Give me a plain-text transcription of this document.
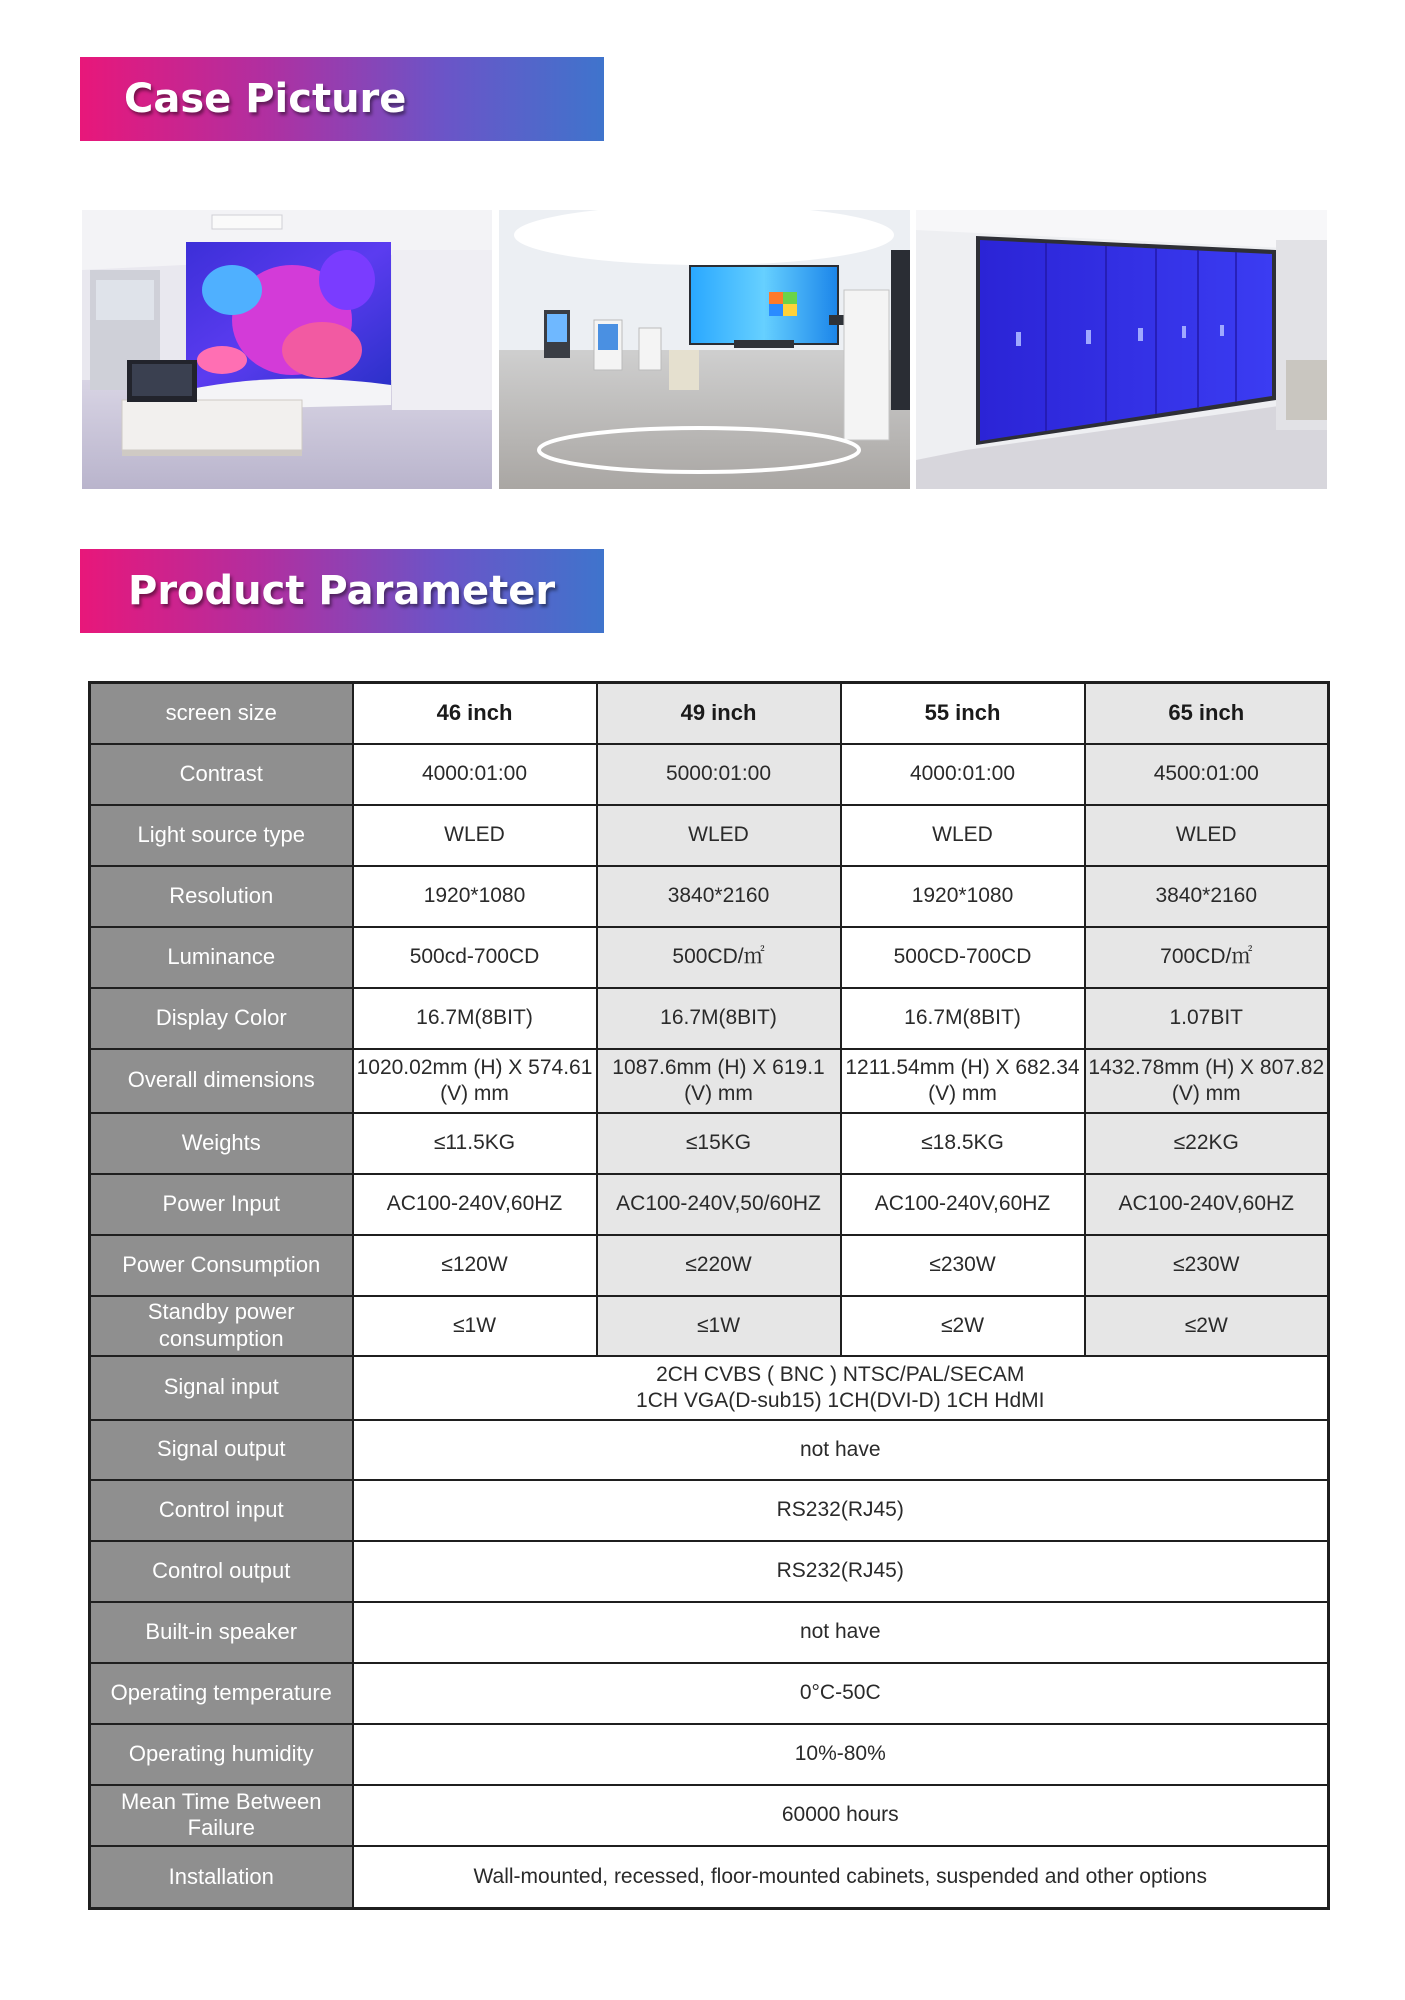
Case Picture
Product Parameter
screen size	46 inch	49 inch	55 inch	65 inch
Contrast	4000:01:00	5000:01:00	4000:01:00	4500:01:00
Light source type	WLED	WLED	WLED	WLED
Resolution	1920*1080	3840*2160	1920*1080	3840*2160
Luminance	500cd-700CD	500CD/㎡	500CD-700CD	700CD/㎡
Display Color	16.7M(8BIT)	16.7M(8BIT)	16.7M(8BIT)	1.07BIT
Overall dimensions	1020.02mm (H) X 574.61 (V) mm	1087.6mm (H) X 619.1 (V) mm	1211.54mm (H) X 682.34 (V) mm	1432.78mm (H) X 807.82 (V) mm
Weights	≤11.5KG	≤15KG	≤18.5KG	≤22KG
Power Input	AC100-240V,60HZ	AC100-240V,50/60HZ	AC100-240V,60HZ	AC100-240V,60HZ
Power Consumption	≤120W	≤220W	≤230W	≤230W
Standby power consumption	≤1W	≤1W	≤2W	≤2W
Signal input	2CH CVBS ( BNC ) NTSC/PAL/SECAM
1CH VGA(D-sub15) 1CH(DVI-D) 1CH HdMI			

Signal output	not have			
Control input	RS232(RJ45)			
Control output	RS232(RJ45)			
Built-in speaker	not have			
Operating temperature	0°C-50C			
Operating humidity	10%-80%			
Mean Time Between Failure	60000 hours			
Installation	Wall-mounted, recessed, floor-mounted cabinets, suspended and other options			
